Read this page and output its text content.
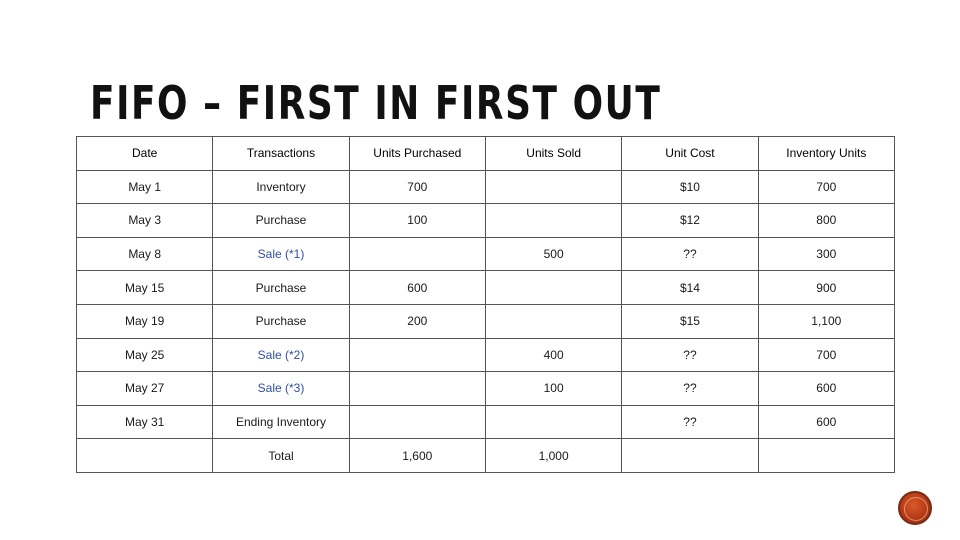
FIFO – FIRST IN FIRST OUT
Date	Transactions	Units Purchased	Units Sold	Unit Cost	Inventory Units
May 1	Inventory	700		$10	700
May 3	Purchase	100		$12	800
May 8	Sale (*1)		500	??	300
May 15	Purchase	600		$14	900
May 19	Purchase	200		$15	1,100
May 25	Sale (*2)		400	??	700
May 27	Sale (*3)		100	??	600
May 31	Ending Inventory			??	600
	Total	1,600	1,000		
